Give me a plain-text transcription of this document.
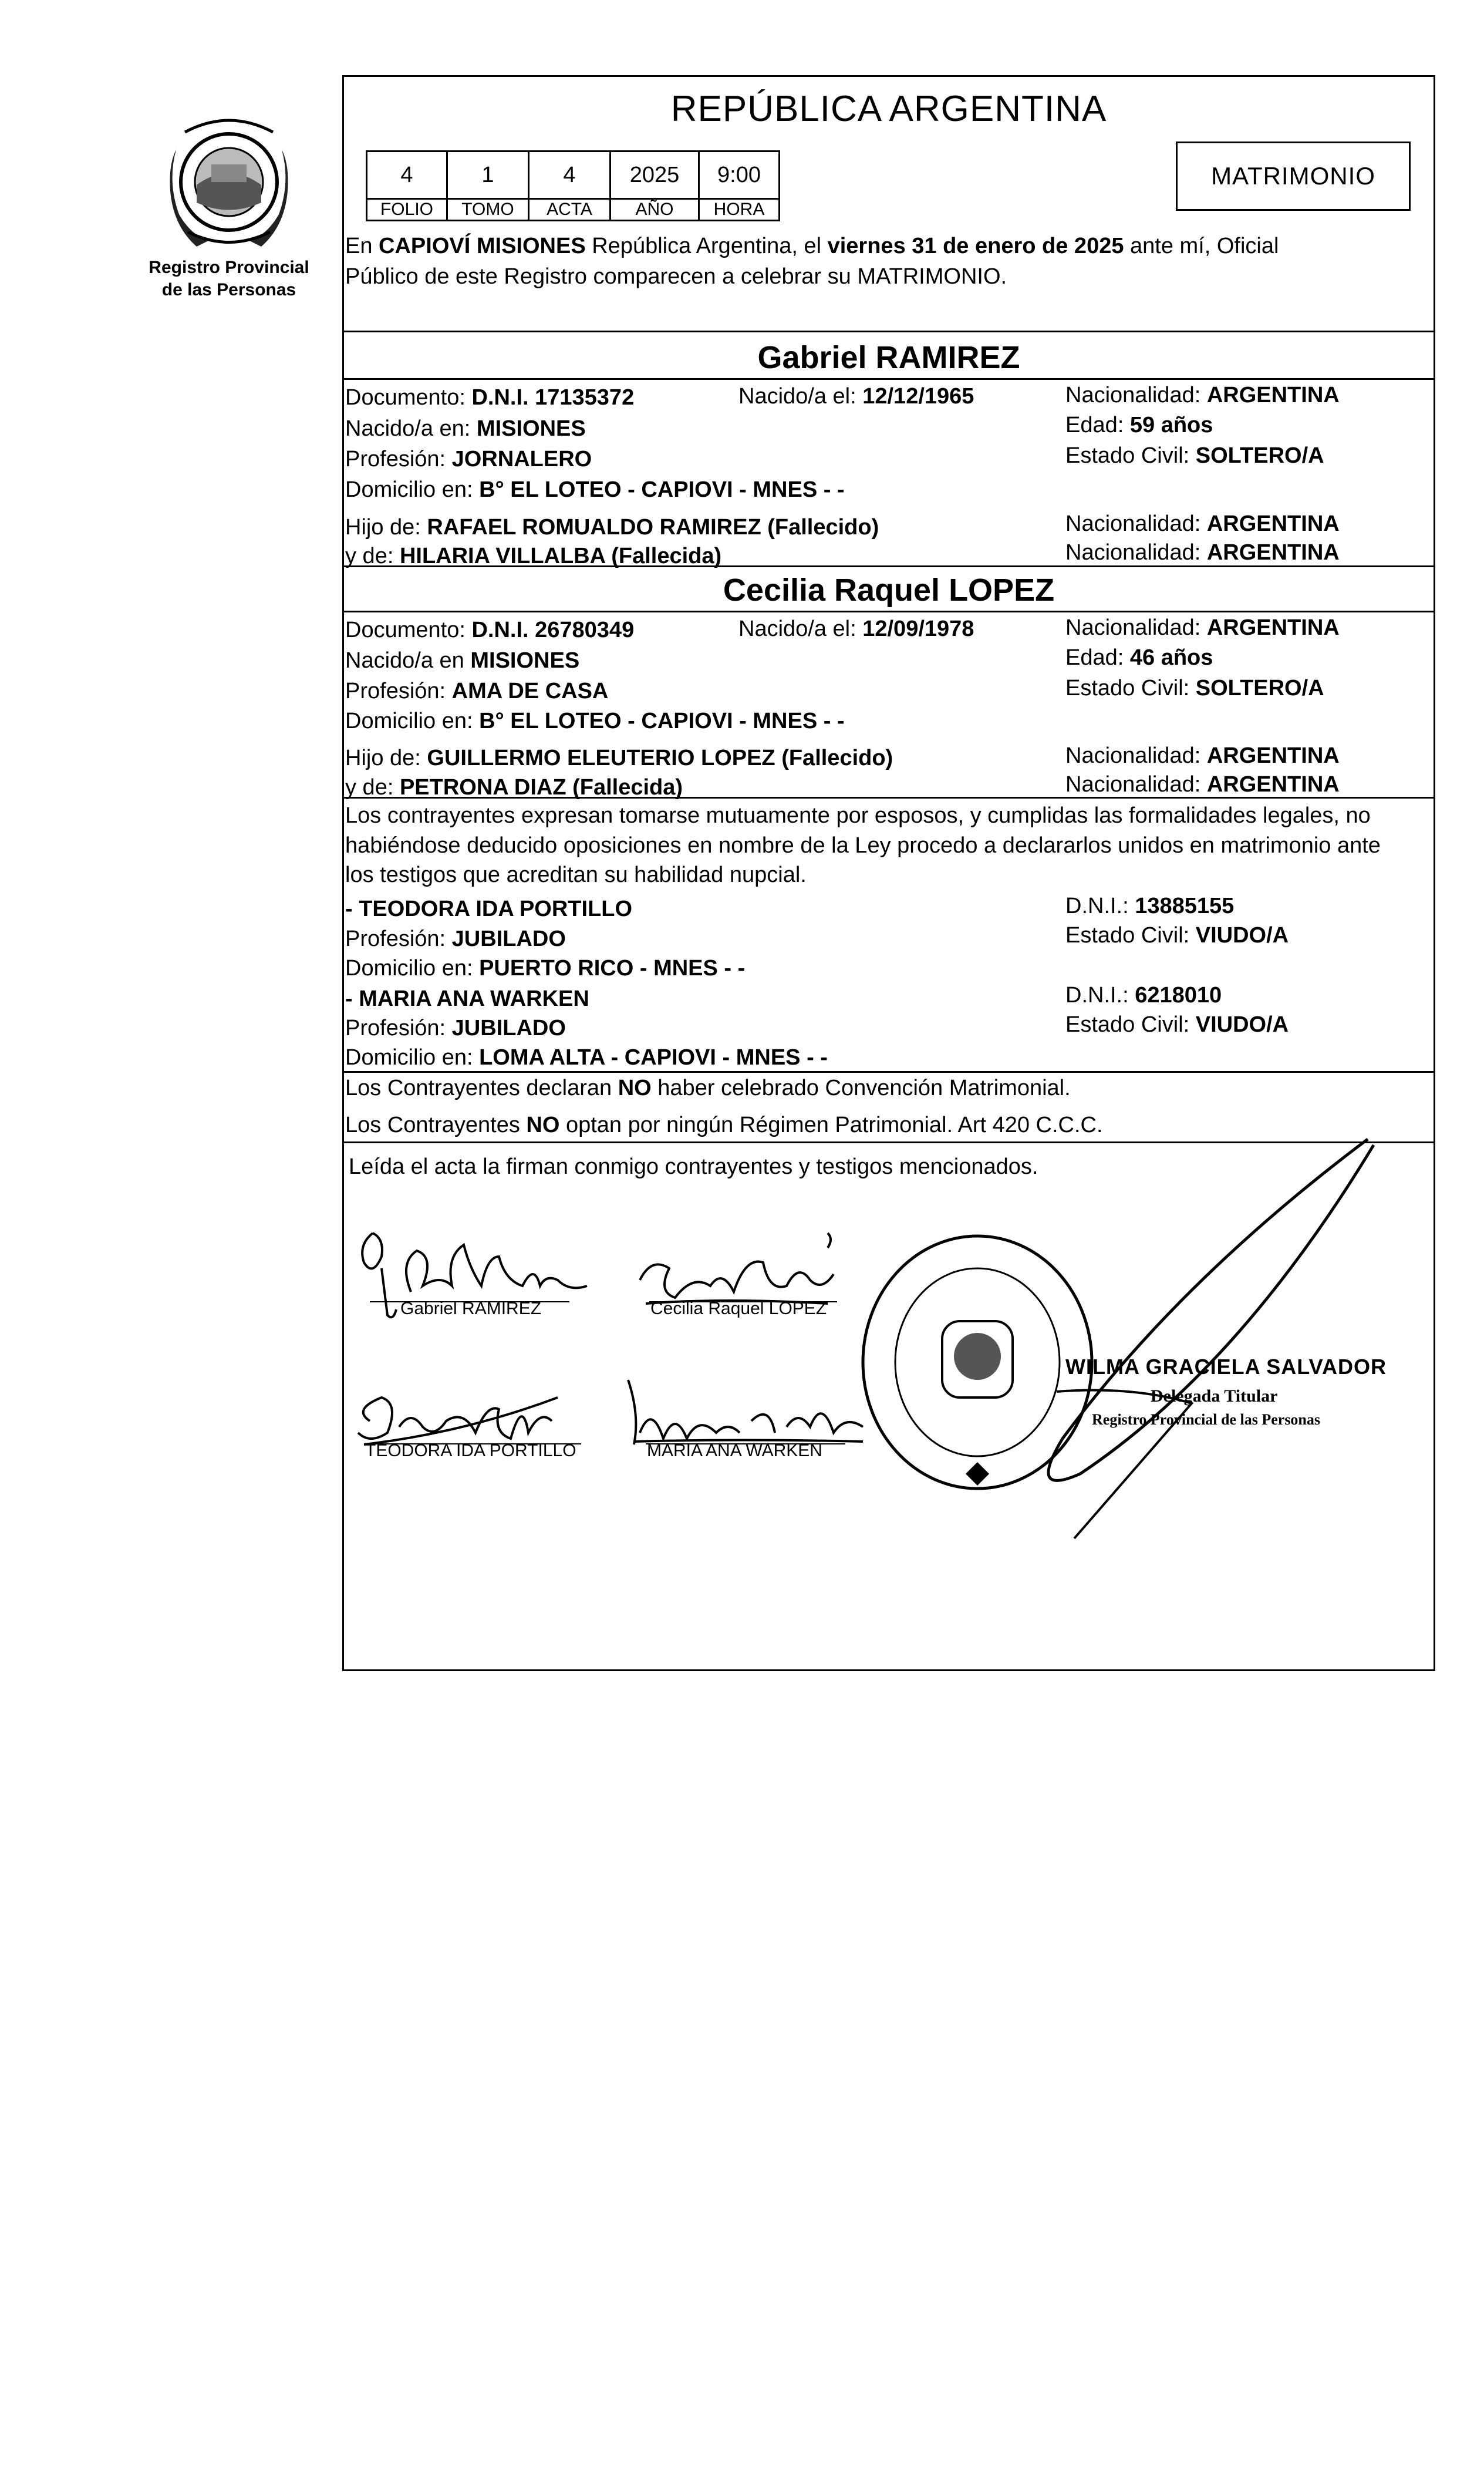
Registro Provincial
de las Personas
REPÚBLICA ARGENTINA
4	1	4	2025	9:00
FOLIO	TOMO	ACTA	AÑO	HORA
MATRIMONIO
En CAPIOVÍ MISIONES República Argentina, el viernes 31 de enero de 2025 ante mí, Oficial
Público de este Registro comparecen a celebrar su MATRIMONIO.
Gabriel RAMIREZ
Documento: D.N.I. 17135372	Nacido/a el: 12/12/1965	Nacionalidad: ARGENTINA
Nacido/a en: MISIONES	Edad: 59 años
Profesión: JORNALERO	Estado Civil: SOLTERO/A
Domicilio en: B° EL LOTEO - CAPIOVI - MNES - -
Hijo de: RAFAEL ROMUALDO RAMIREZ (Fallecido)	Nacionalidad: ARGENTINA
y de: HILARIA VILLALBA (Fallecida)	Nacionalidad: ARGENTINA
Cecilia Raquel LOPEZ
Documento: D.N.I. 26780349	Nacido/a el: 12/09/1978	Nacionalidad: ARGENTINA
Nacido/a en MISIONES	Edad: 46 años
Profesión: AMA DE CASA	Estado Civil: SOLTERO/A
Domicilio en: B° EL LOTEO - CAPIOVI - MNES - -
Hijo de: GUILLERMO ELEUTERIO LOPEZ (Fallecido)	Nacionalidad: ARGENTINA
y de: PETRONA DIAZ (Fallecida)	Nacionalidad: ARGENTINA
Los contrayentes expresan tomarse mutuamente por esposos, y cumplidas las formalidades legales, no
habiéndose deducido oposiciones en nombre de la Ley procedo a declararlos unidos en matrimonio ante
los testigos que acreditan su habilidad nupcial.
- TEODORA IDA PORTILLO	D.N.I.: 13885155
Profesión: JUBILADO	Estado Civil: VIUDO/A
Domicilio en: PUERTO RICO - MNES - -
- MARIA ANA WARKEN	D.N.I.: 6218010
Profesión: JUBILADO	Estado Civil: VIUDO/A
Domicilio en: LOMA ALTA - CAPIOVI - MNES - -
Los Contrayentes declaran NO haber celebrado Convención Matrimonial.
Los Contrayentes NO optan por ningún Régimen Patrimonial. Art 420 C.C.C.
Leída el acta la firman conmigo contrayentes y testigos mencionados.
Gabriel RAMIREZ	Cecilia Raquel LOPEZ
TEODORA IDA PORTILLO	MARIA ANA WARKEN
WILMA GRACIELA SALVADOR
Delegada Titular
Registro Provincial de las Personas
